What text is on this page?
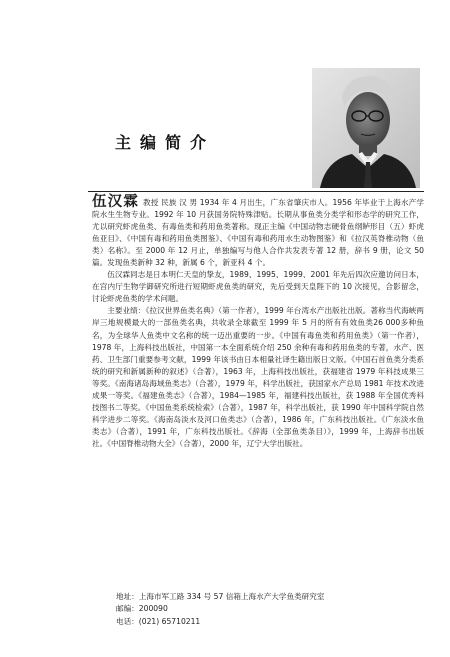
主编简介

伍汉霖 教授 民族 汉 男 1934 年 4 月出生，广东省肇庆市人。1956 年毕业于上海水产学院水生生物专业。1992 年 10 月获国务院特殊津贴。长期从事鱼类分类学和形态学的研究工作，尤以研究虾虎鱼类、有毒鱼类和药用鱼类著称。现正主编《中国动物志硬骨鱼纲鲈形目（五）虾虎鱼亚目》、《中国有毒和药用鱼类图鉴》、《中国有毒和药用水生动物图鉴》和《拉汉英脊椎动物（鱼类）名称》。至 2000 年 12 月止，单独编写与他人合作共发表专著 12 册，辞书 9 册，论文 50 篇。发现鱼类新种 32 种，新属 6 个，新亚科 4 个。

伍汉霖同志是日本明仁天皇的挚友，1989、1995、1999、2001 年先后四次应邀访问日本，在宫内厅生物学御研究所进行短期虾虎鱼类的研究，先后受到天皇陛下的 10 次接见，合影留念，讨论虾虎鱼类的学术问题。

主要业绩：《拉汉世界鱼类名典》（第一作者），1999 年台湾水产出版社出版。著称当代海峡两岸三地规模最大的一部鱼类名典，共收录全球截至 1999 年 5 月的所有有效鱼类26 000多种鱼名，为全球华人鱼类中文名称的统一迈出重要的一步。《中国有毒鱼类和药用鱼类》（第一作者），1978 年，上海科技出版社，中国第一本全面系统介绍 250 余种有毒和药用鱼类的专著，水产、医药、卫生部门重要参考文献，1999 年该书由日本相量社译生籍出版日文版。《中国石首鱼类分类系统的研究和新属新种的叙述》（合著），1963 年，上海科技出版社，获福建省 1979 年科技成果三等奖。《南海诸岛海域鱼类志》（合著），1979 年，科学出版社，获国家水产总局 1981 年技术改进成果一等奖。《福建鱼类志》（合著），1984—1985 年，福建科技出版社，获 1988 年全国优秀科技图书二等奖。《中国鱼类系统检索》（合著），1987 年，科学出版社，获 1990 年中国科学院自然科学进步二等奖。《海南岛淡水及河口鱼类志》（合著），1986 年，广东科技出版社。《广东淡水鱼类志》（合著），1991 年，广东科技出版社。《辞海（全部鱼类条目）》，1999 年，上海辞书出版社。《中国脊椎动物大全》（合著），2000 年，辽宁大学出版社。

地址：上海市军工路 334 号 57 信箱上海水产大学鱼类研究室
邮编：200090
电话：(021) 65710211
